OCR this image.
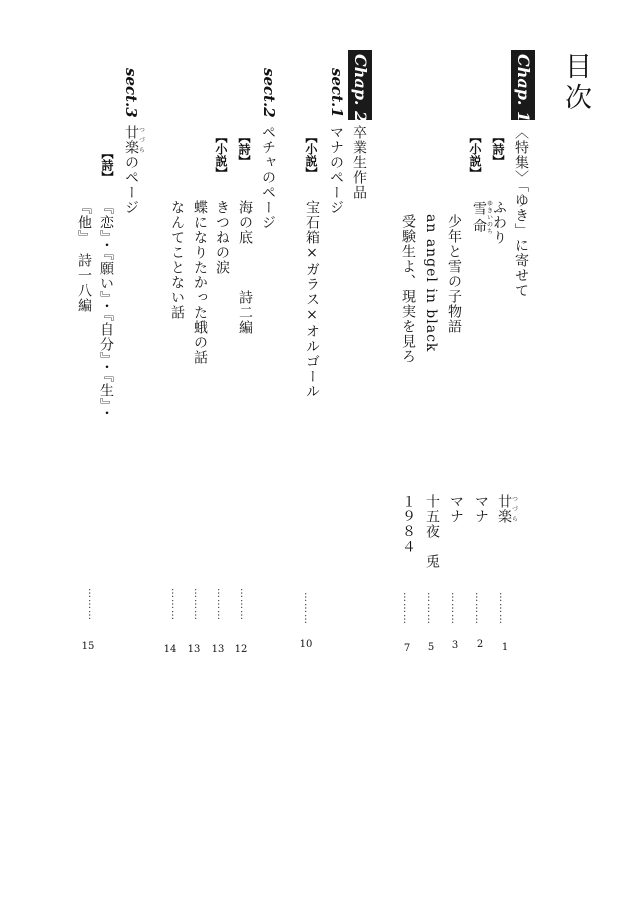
目次
Chap. 1
〈特集〉「ゆき」に寄せて
【詩】
【小説】
ふわり
雪命ゆきいのち
少年と雪の子物語
an angel in black
受験生よ、現実を見ろ
廿楽つづら
マナ
マナ
十五夜　兎
１９８４
………
………
………
………
………
1
2
3
5
7
Chap. 2
卒業生作品
sect.1
マナのページ
【小説】
宝石箱×ガラス×オルゴール
………
10
sect.2
ペチャのページ
【詩】
【小説】
海の底　　　詩二編
きつねの涙
蝶になりたかった蛾の話
なんてことない話
………
………
………
………
12
13
13
14
sect.3
廿楽つづらのページ
【詩】
『恋』・『願い』・『自分』・『生』・
『他』　詩一八編
………
15
